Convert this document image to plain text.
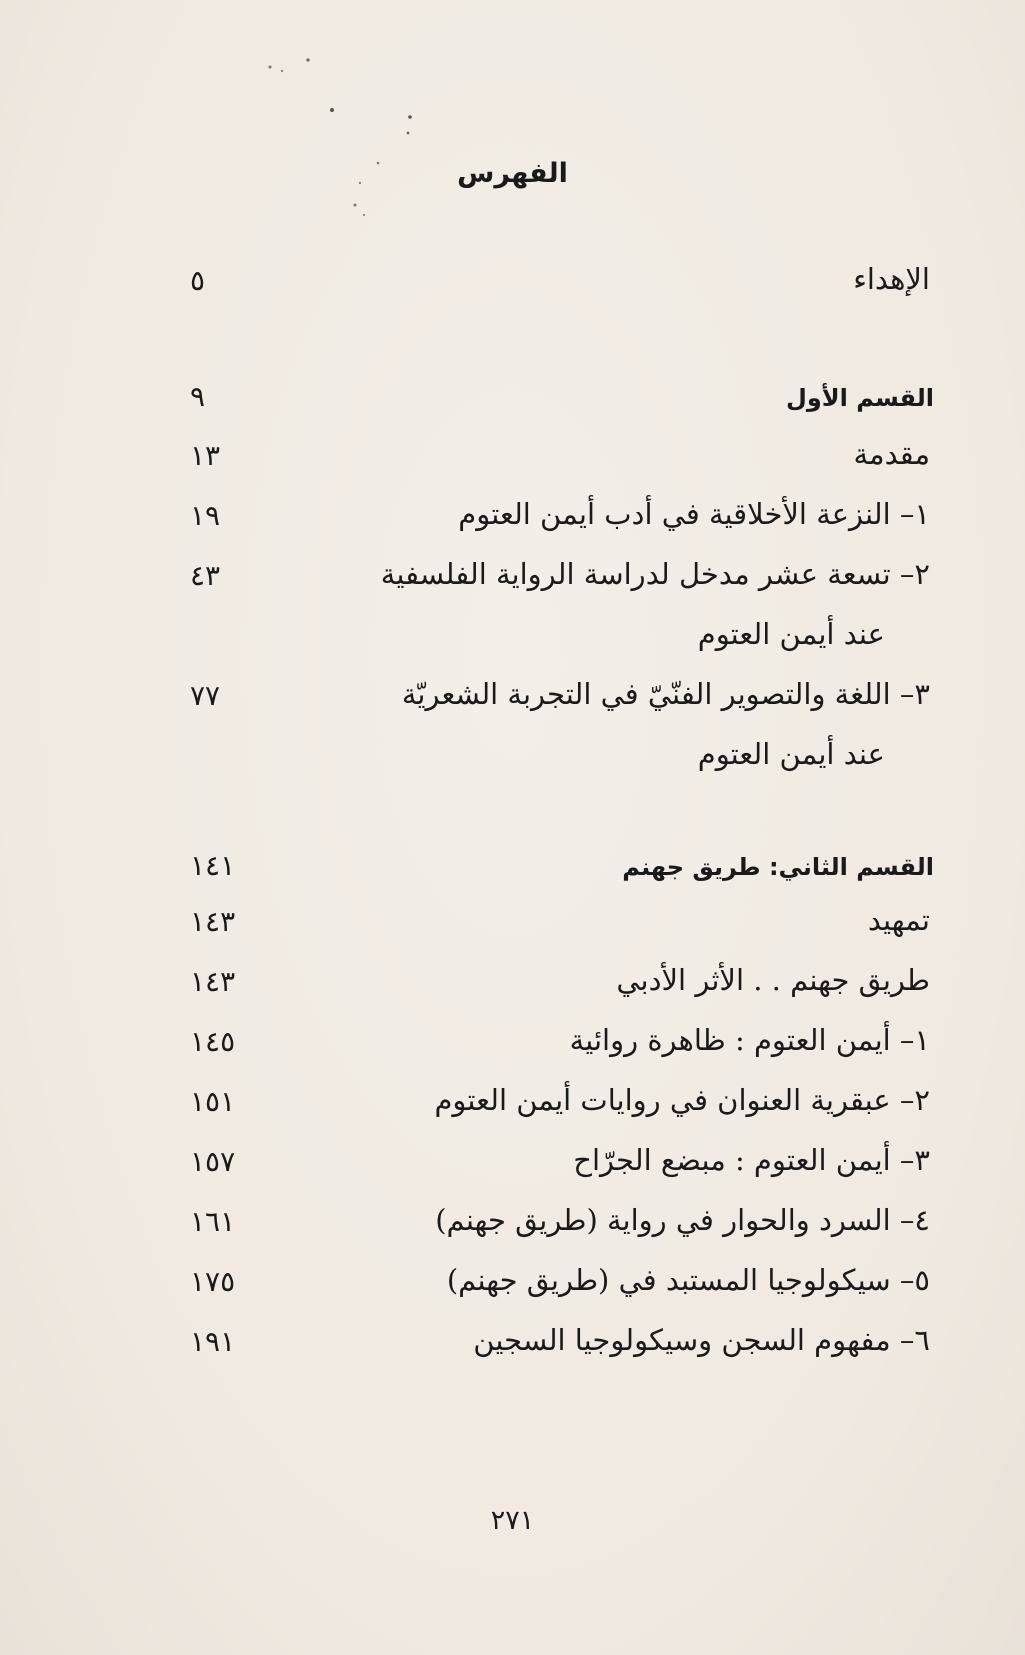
الفهرس
الإهداء
٥
القسم الأول
٩
مقدمة
١٣
١– النزعة الأخلاقية في أدب أيمن العتوم
١٩
٢– تسعة عشر مدخل لدراسة الرواية الفلسفية
٤٣
عند أيمن العتوم
٣– اللغة والتصوير الفنّيّ في التجربة الشعريّة
٧٧
عند أيمن العتوم
القسم الثاني: طريق جهنم
١٤١
تمهيد
١٤٣
طريق جهنم . . الأثر الأدبي
١٤٣
١– أيمن العتوم : ظاهرة روائية
١٤٥
٢– عبقرية العنوان في روايات أيمن العتوم
١٥١
٣– أيمن العتوم : مبضع الجرّاح
١٥٧
٤– السرد والحوار في رواية (طريق جهنم)
١٦١
٥– سيكولوجيا المستبد في (طريق جهنم)
١٧٥
٦– مفهوم السجن وسيكولوجيا السجين
١٩١
٢٧١
